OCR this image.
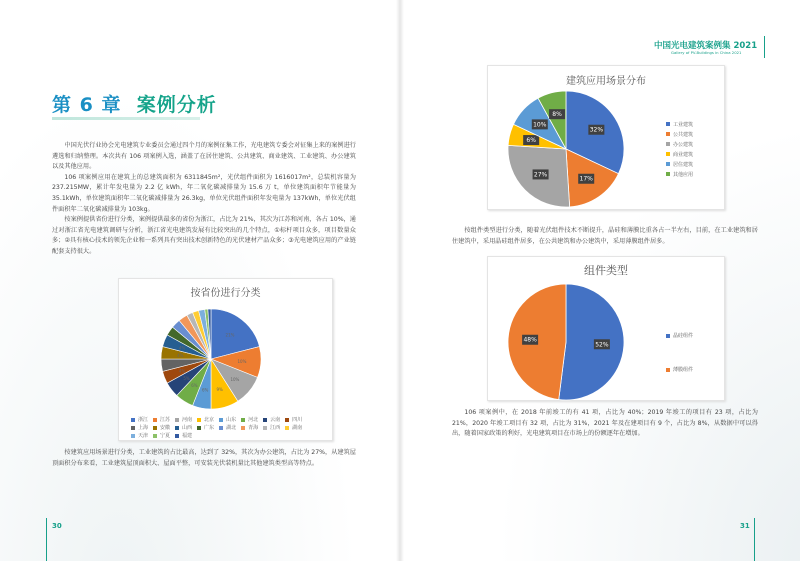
第 6 章 案例分析

中国光伏行业协会光电建筑专业委员会通过四个月的案例征集工作，光电建筑专委会对征集上来的案例进行遴选和归纳整理。本次共有 106 项案例入选，涵盖了在居住建筑、公共建筑、商业建筑、工业建筑、办公建筑以及其他应用。

106 项案例应用在建筑上的总建筑面积为 6311845m²，光伏组件面积为 1616017m²，总装机容量为 237.215MW，累计年发电量为 2.2 亿 kWh，年二氧化碳减排量为 15.6 万 t，单位建筑面积年节能量为 35.1kWh，单位建筑面积年二氧化碳减排量为 26.3kg，单位光伏组件面积年发电量为 137kWh，单位光伏组件面积年二氧化碳减排量为 103kg。

按案例提供省份进行分类，案例提供最多的省份为浙江，占比为 21%，其次为江苏和河南，各占 10%，通过对浙江省光电建筑调研与分析，浙江省光电建筑发展有比较突出的几个特点，①标杆项目众多，项目数量众多；②具有核心技术的领先企业和一系列具有突出技术创新特色的光伏建材产品众多；③光电建筑应用的产业链配套支持很大。

按省份进行分类
21%
10%
10%
9%
6%
6%
5%
4%
4%
4%
4%
浙江 江苏 河南 北京 山东 河北 云南 四川
上海 安徽 山西 广东 湖北 青海 江西 湖南
天津 宁夏 福建

按建筑应用场景进行分类，工业建筑的占比最高，达到了 32%，其次为办公建筑，占比为 27%，从建筑屋顶面积分布来看，工业建筑屋顶面积大、屋面平整，可安装光伏装机量比其他建筑类型高等特点。

30
中国光电建筑案例集 2021
Gallery of PV-Buildings in China 2021
建筑应用场景分布
32%
17%
27%
6%
10%
8%
工业建筑
公共建筑
办公建筑
商业建筑
居住建筑
其他应用

按组件类型进行分类，随着光伏组件技术不断提升，晶硅和薄膜比重各占一半左右，目前，在工业建筑和居住建筑中，采用晶硅组件居多，在公共建筑和办公建筑中，采用薄膜组件居多。

组件类型
52%
48%
晶硅组件
薄膜组件

106 项案例中，在 2018 年前竣工的有 41 项，占比为 40%；2019 年竣工的项目有 23 项，占比为 21%，2020 年竣工项目有 32 项，占比为 31%，2021 年及在建项目有 9 个，占比为 8%，从数据中可以得出，随着国家政策的利好，光电建筑项目在市场上的份额逐年在增加。

31
